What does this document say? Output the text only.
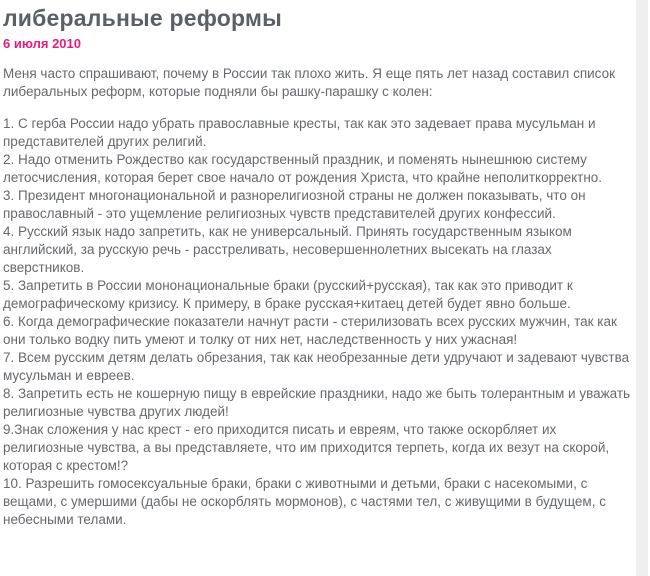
либеральные реформы
6 июля 2010

Меня часто спрашивают, почему в России так плохо жить. Я еще пять лет назад составил список либеральных реформ, которые подняли бы рашку-парашку с колен:

1. С герба России надо убрать православные кресты, так как это задевает права мусульман и представителей других религий.
2. Надо отменить Рождество как государственный праздник, и поменять нынешнюю систему летосчисления, которая берет свое начало от рождения Христа, что крайне неполиткорректно.
3. Президент многонациональной и разнорелигиозной страны не должен показывать, что он православный - это ущемление религиозных чувств представителей других конфессий.
4. Русский язык надо запретить, как не универсальный. Принять государственным языком английский, за русскую речь - расстреливать, несовершеннолетних высекать на глазах сверстников.
5. Запретить в России мононациональные браки (русский+русская), так как это приводит к демографическому кризису. К примеру, в браке русская+китаец детей будет явно больше.
6. Когда демографические показатели начнут расти - стерилизовать всех русских мужчин, так как они только водку пить умеют и толку от них нет, наследственность у них ужасная!
7. Всем русским детям делать обрезания, так как необрезанные дети удручают и задевают чувства мусульман и евреев.
8. Запретить есть не кошерную пищу в еврейские праздники, надо же быть толерантным и уважать религиозные чувства других людей!
9.Знак сложения у нас крест - его приходится писать и евреям, что также оскорбляет их религиозные чувства, а вы представляете, что им приходится терпеть, когда их везут на скорой, которая с крестом!?
10. Разрешить гомосексуальные браки, браки с животными и детьми, браки с насекомыми, с вещами, с умершими (дабы не оскорблять мормонов), с частями тел, с живущими в будущем, с небесными телами.
